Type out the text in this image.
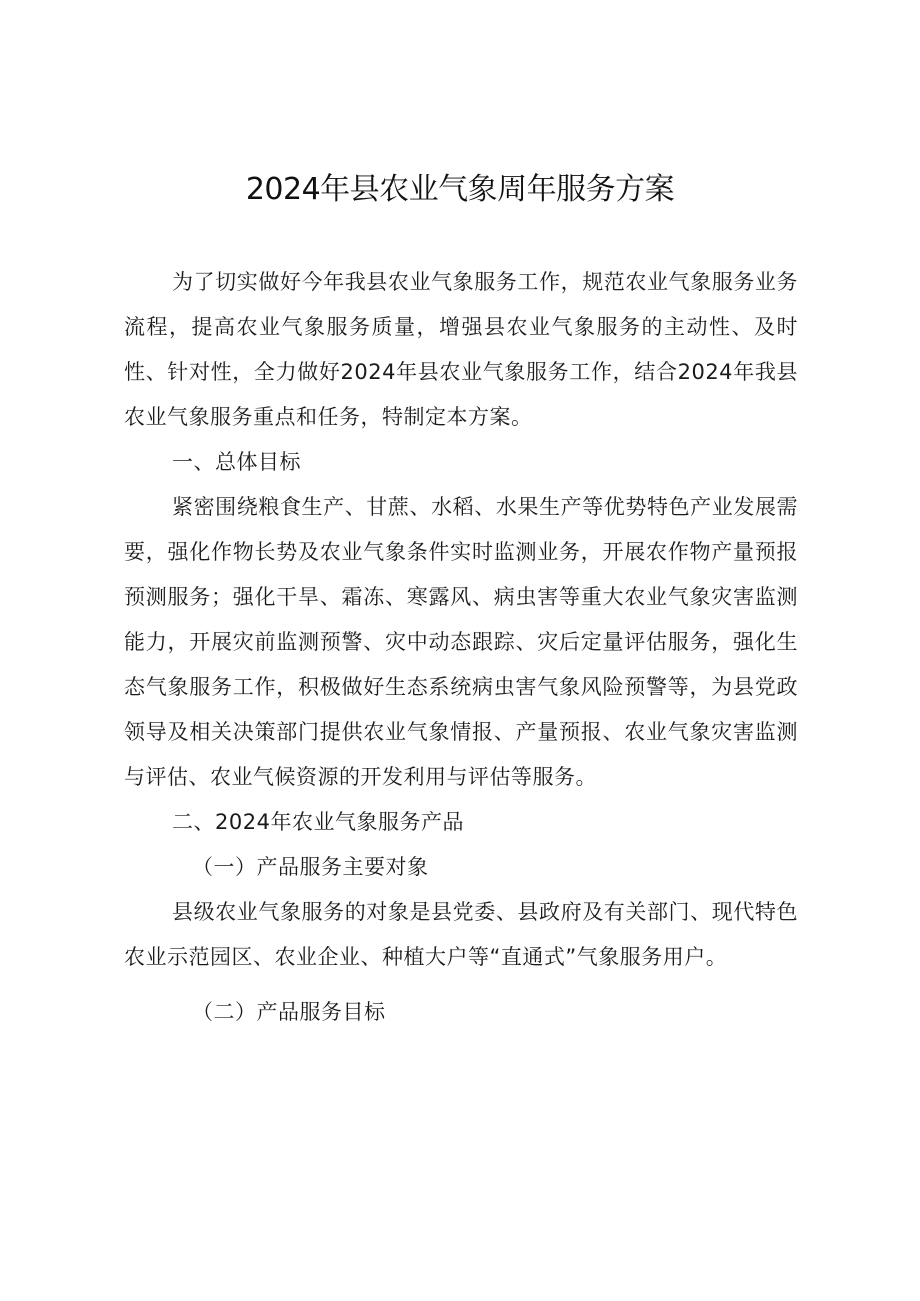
2024年县农业气象周年服务方案

为了切实做好今年我县农业气象服务工作，规范农业气象服务业务流程，提高农业气象服务质量，增强县农业气象服务的主动性、及时性、针对性，全力做好2024年县农业气象服务工作，结合2024年我县农业气象服务重点和任务，特制定本方案。

一、总体目标

紧密围绕粮食生产、甘蔗、水稻、水果生产等优势特色产业发展需要，强化作物长势及农业气象条件实时监测业务，开展农作物产量预报预测服务；强化干旱、霜冻、寒露风、病虫害等重大农业气象灾害监测能力，开展灾前监测预警、灾中动态跟踪、灾后定量评估服务，强化生态气象服务工作，积极做好生态系统病虫害气象风险预警等，为县党政领导及相关决策部门提供农业气象情报、产量预报、农业气象灾害监测与评估、农业气候资源的开发利用与评估等服务。

二、2024年农业气象服务产品

（一）产品服务主要对象

县级农业气象服务的对象是县党委、县政府及有关部门、现代特色农业示范园区、农业企业、种植大户等“直通式”气象服务用户。

（二）产品服务目标
